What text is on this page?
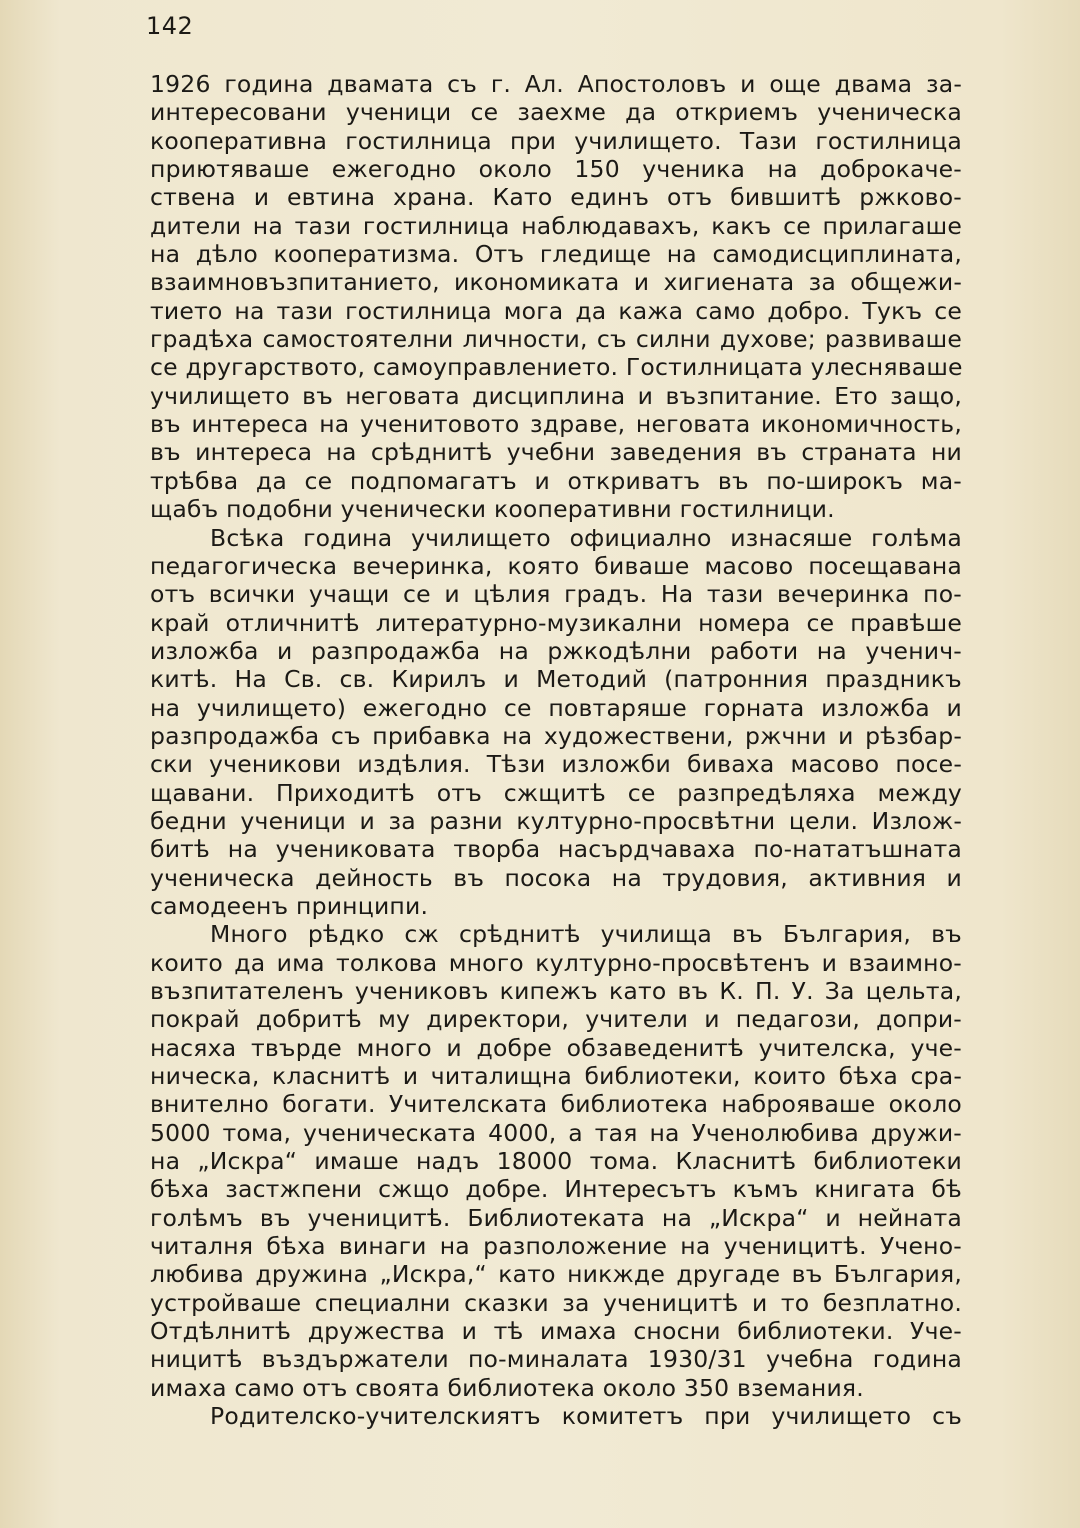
142
1926 година двамата съ г. Ал. Апостоловъ и още двама за-
интересовани ученици се заехме да откриемъ ученическа
кооперативна гостилница при училището. Тази гостилница
приютяваше ежегодно около 150 ученика на доброкаче-
ствена и евтина храна. Като единъ отъ бившитѣ ржково-
дители на тази гостилница наблюдавахъ, какъ се прилагаше
на дѣло кооператизма. Отъ гледище на самодисциплината,
взаимновъзпитанието, икономиката и хигиената за общежи-
тието на тази гостилница мога да кажа само добро. Тукъ се
градѣха самостоятелни личности, съ силни духове; развиваше
се другарството, самоуправлението. Гостилницата улесняваше
училището въ неговата дисциплина и възпитание. Ето защо,
въ интереса на ученитовото здраве, неговата икономичность,
въ интереса на срѣднитѣ учебни заведения въ страната ни
трѣбва да се подпомагатъ и откриватъ въ по-широкъ ма-
щабъ подобни ученически кооперативни гостилници.
Всѣка година училището официално изнасяше голѣма
педагогическа вечеринка, която биваше масово посещавана
отъ всички учащи се и цѣлия градъ. На тази вечеринка по-
край отличнитѣ литературно-музикални номера се правѣше
изложба и разпродажба на ржкодѣлни работи на ученич-
китѣ. На Св. св. Кирилъ и Методий (патронния праздникъ
на училището) ежегодно се повтаряше горната изложба и
разпродажба съ прибавка на художествени, ржчни и рѣзбар-
ски ученикови издѣлия. Тѣзи изложби биваха масово посе-
щавани. Приходитѣ отъ сжщитѣ се разпредѣляха между
бедни ученици и за разни културно-просвѣтни цели. Излож-
битѣ на учениковата творба насърдчаваха по-нататъшната
ученическа дейность въ посока на трудовия, активния и
самодеенъ принципи.
Много рѣдко сж срѣднитѣ училища въ България, въ
които да има толкова много културно-просвѣтенъ и взаимно-
възпитателенъ учениковъ кипежъ като въ К. П. У. За цельта,
покрай добритѣ му директори, учители и педагози, допри-
насяха твърде много и добре обзаведенитѣ учителска, уче-
ническа, класнитѣ и читалищна библиотеки, които бѣха сра-
внително богати. Учителската библиотека наброяваше около
5000 тома, ученическата 4000, а тая на Ученолюбива дружи-
на „Искра“ имаше надъ 18000 тома. Класнитѣ библиотеки
бѣха застжпени сжщо добре. Интересътъ къмъ книгата бѣ
голѣмъ въ ученицитѣ. Библиотеката на „Искра“ и нейната
читалня бѣха винаги на разположение на ученицитѣ. Учено-
любива дружина „Искра,“ като никжде другаде въ България,
устройваше специални сказки за ученицитѣ и то безплатно.
Отдѣлнитѣ дружества и тѣ имаха сносни библиотеки. Уче-
ницитѣ въздържатели по-миналата 1930/31 учебна година
имаха само отъ своята библиотека около 350 вземания.
Родителско-учителскиятъ комитетъ при училището съ
